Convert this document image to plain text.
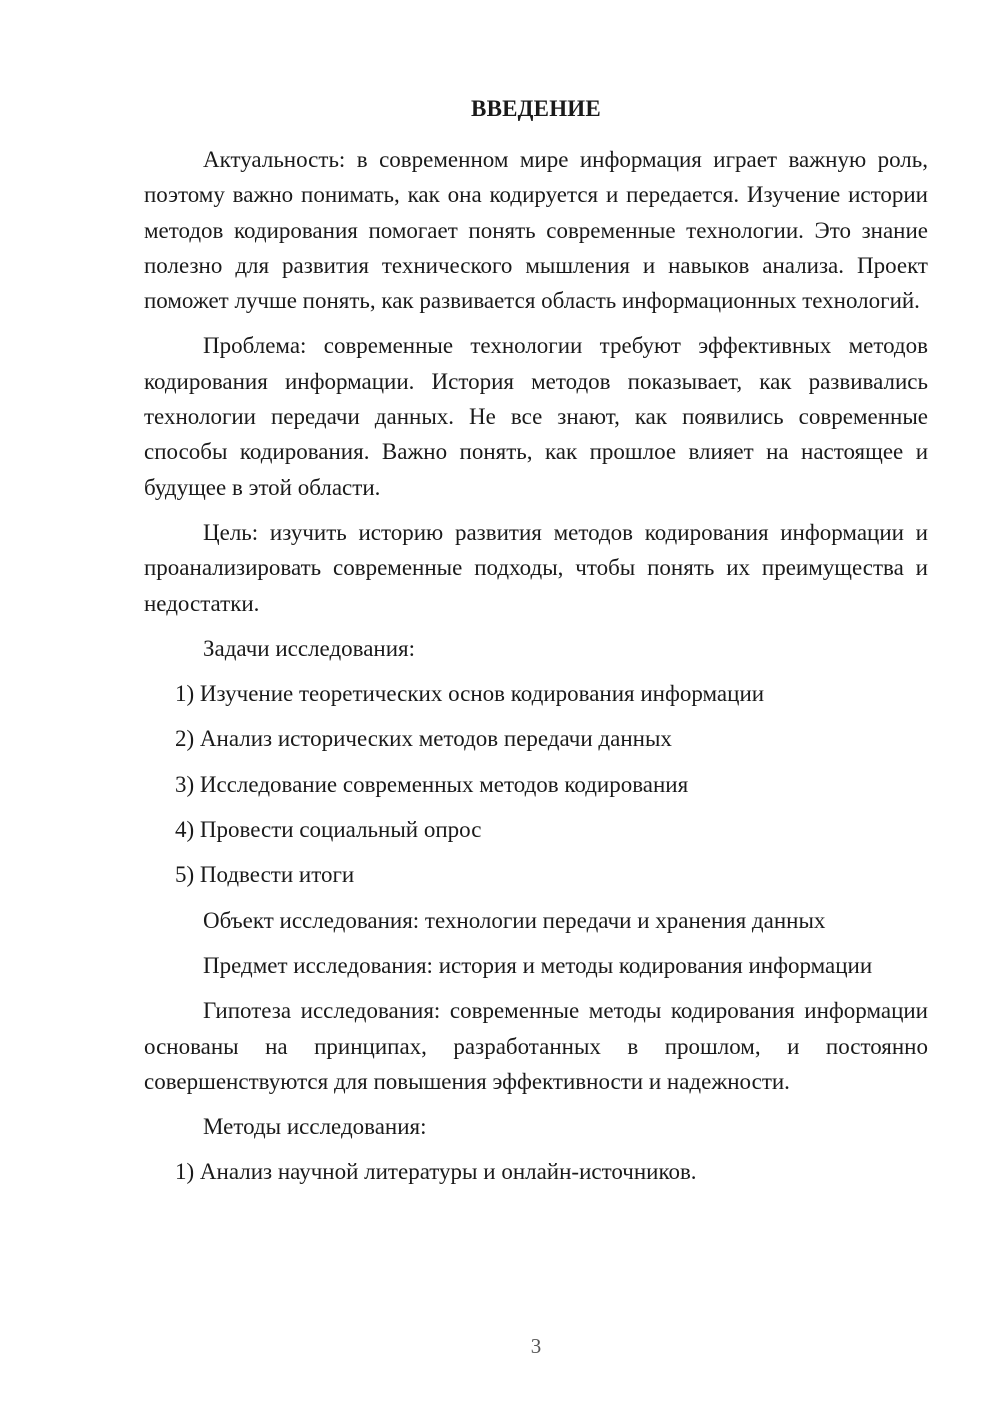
ВВЕДЕНИЕ

Актуальность: в современном мире информация играет важную роль, поэтому важно понимать, как она кодируется и передается. Изучение истории методов кодирования помогает понять современные технологии. Это знание полезно для развития технического мышления и навыков анализа. Проект поможет лучше понять, как развивается область информационных технологий.

Проблема: современные технологии требуют эффективных методов кодирования информации. История методов показывает, как развивались технологии передачи данных. Не все знают, как появились современные способы кодирования. Важно понять, как прошлое влияет на настоящее и будущее в этой области.

Цель: изучить историю развития методов кодирования информации и проанализировать современные подходы, чтобы понять их преимущества и недостатки.

Задачи исследования:

1) Изучение теоретических основ кодирования информации

2) Анализ исторических методов передачи данных

3) Исследование современных методов кодирования

4) Провести социальный опрос

5) Подвести итоги

Объект исследования: технологии передачи и хранения данных

Предмет исследования: история и методы кодирования информации

Гипотеза исследования: современные методы кодирования информации основаны на принципах, разработанных в прошлом, и постоянно совершенствуются для повышения эффективности и надежности.

Методы исследования:

1) Анализ научной литературы и онлайн-источников.

3
